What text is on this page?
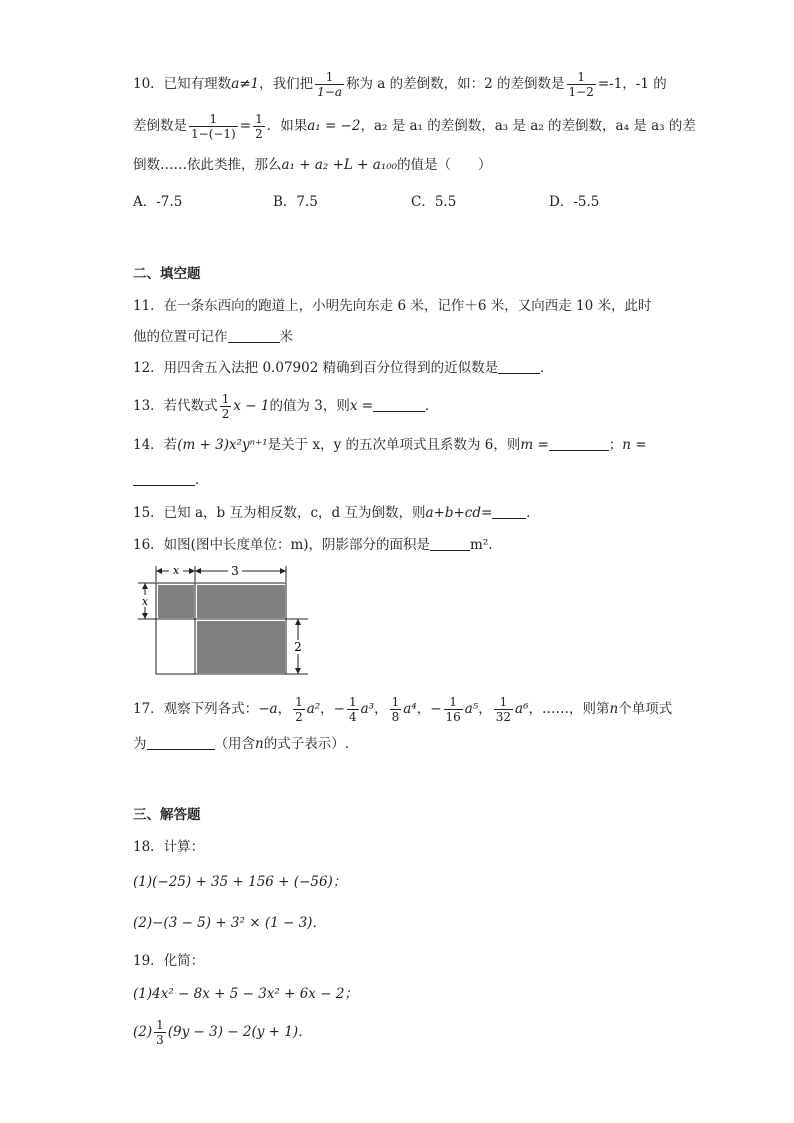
10．已知有理数a≠1，我们把 $\frac{1}{1-a}$ 称为 a 的差倒数，如：2 的差倒数是 $\frac{1}{1-2} =-1$，-1 的
差倒数是 $\frac{1}{1-(-1)} = \frac{1}{2}$ ．如果a₁ = −2，a₂ 是 a₁ 的差倒数，a₃ 是 a₂ 的差倒数，a₄ 是 a₃ 的差
倒数……依此类推，那么a₁ + a₂ +L + a₁₀₀的值是（　　）
A．-7.5	B．7.5	C．5.5	D．-5.5
二、填空题
11．在一条东西向的跑道上，小明先向东走 6 米，记作＋6 米，又向西走 10 米，此时
他的位置可记作	米
12．用四舍五入法把 0.07902 精确到百分位得到的近似数是	．
13．若代数式 $\frac{1}{2}$ x − 1的值为 3，则x =	．
14．若(m + 3)x²yⁿ⁺¹是关于 x，y 的五次单项式且系数为 6，则m =	；n =
．
15．已知 a，b 互为相反数，c，d 互为倒数，则a+b+cd=	．
16．如图(图中长度单位：m)，阴影部分的面积是	m².
x	3
x
2
17．观察下列各式：−a， $\frac{1}{2} a^2$，− $\frac{1}{4} a^3$， $\frac{1}{8} a^4$，− $\frac{1}{16} a^5$， $\frac{1}{32} a^6$，……，则第n个单项式
为	（用含n的式子表示）.
三、解答题
18．计算：
(1)(−25) + 35 + 156 + (−56)；
(2)−(3 − 5) + 3² × (1 − 3)．
19．化简：
(1)4x² − 8x + 5 − 3x² + 6x − 2；
$(2) \frac{1}{3} (9y - 3) - 2(y + 1)$．
